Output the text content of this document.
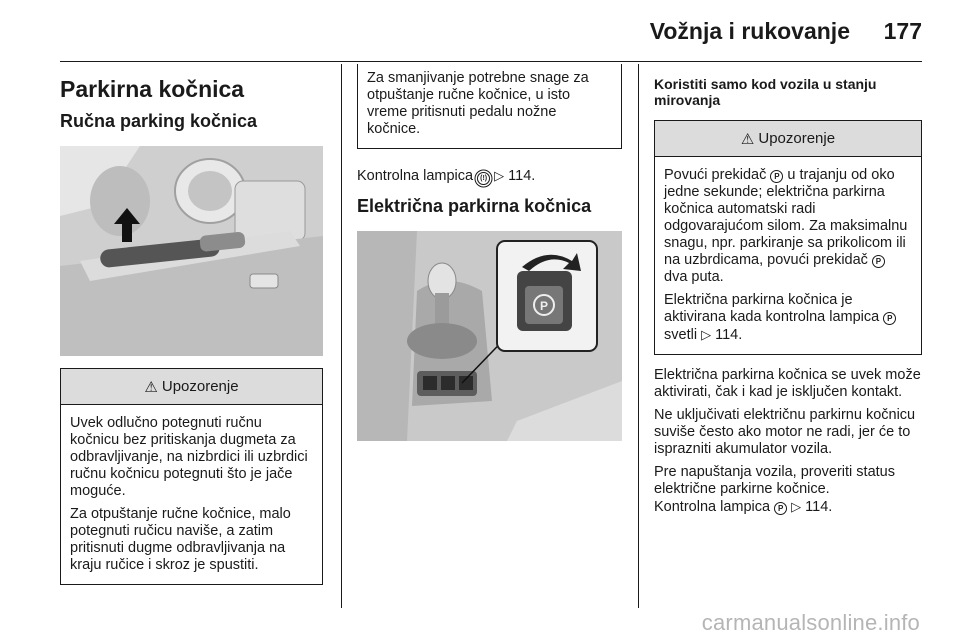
Vožnja i rukovanje 177
Parkirna kočnica
Ručna parking kočnica
⚠ Upozorenje

Uvek odlučno potegnuti ručnu kočnicu bez pritiskanja dugmeta za odbravljivanje, na nizbrdici ili uzbrdici ručnu kočnicu potegnuti što je jače moguće.

Za otpuštanje ručne kočnice, malo potegnuti ručicu naviše, a zatim pritisnuti dugme odbravljivanja na kraju ručice i skroz je spustiti.

Za smanjivanje potrebne snage za otpuštanje ručne kočnice, u isto vreme pritisnuti pedalu nožne kočnice.

Kontrolna lampica (!) ▷ 114.

Električna parkirna kočnica
P
Koristiti samo kod vozila u stanju mirovanja
⚠ Upozorenje

Povući prekidač P u trajanju od oko jedne sekunde; električna parkirna kočnica automatski radi odgovarajućom silom. Za maksimalnu snagu, npr. parkiranje sa prikolicom ili na uzbrdicama, povući prekidač P dva puta.

Električna parkirna kočnica je aktivirana kada kontrolna lampica P svetli ▷ 114.

Električna parkirna kočnica se uvek može aktivirati, čak i kad je isključen kontakt.

Ne uključivati električnu parkirnu kočnicu suviše često ako motor ne radi, jer će to isprazniti akumulator vozila.

Pre napuštanja vozila, proveriti status električne parkirne kočnice.
Kontrolna lampica P ▷ 114.

carmanualsonline.info
